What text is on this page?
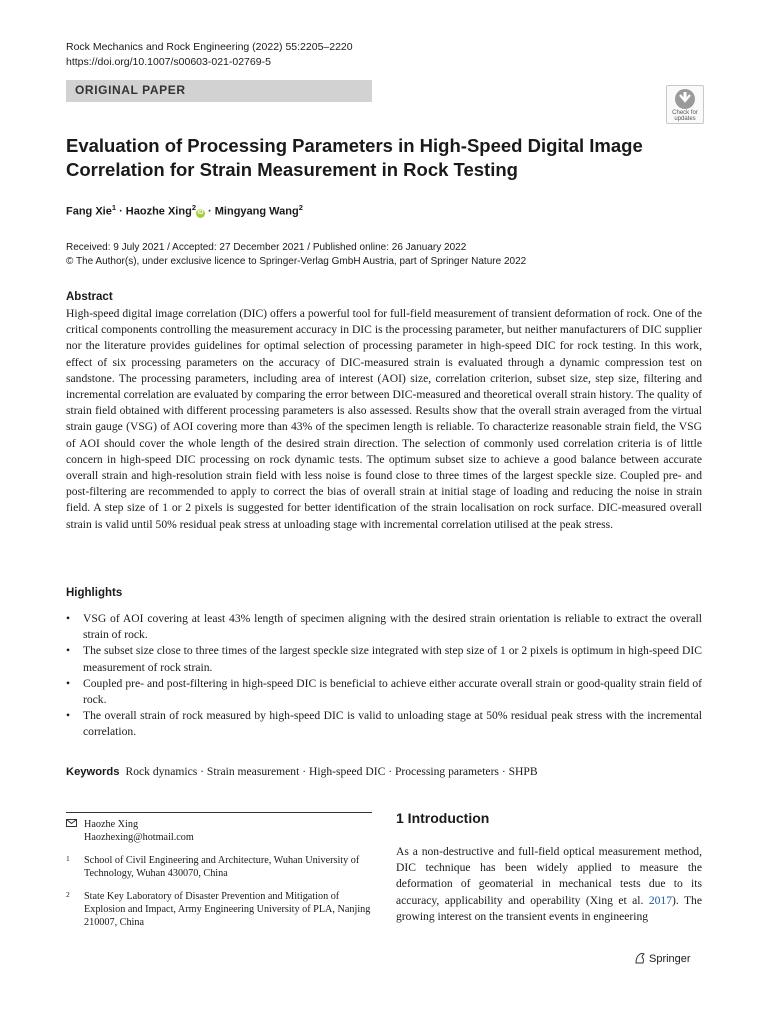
Rock Mechanics and Rock Engineering (2022) 55:2205–2220
https://doi.org/10.1007/s00603-021-02769-5
ORIGINAL PAPER
Check for
updates
Evaluation of Processing Parameters in High-Speed Digital Image Correlation for Strain Measurement in Rock Testing
Fang Xie$^1$ · Haozhe Xing$^2$iD · Mingyang Wang$^2$
Received: 9 July 2021 / Accepted: 27 December 2021 / Published online: 26 January 2022
© The Author(s), under exclusive licence to Springer-Verlag GmbH Austria, part of Springer Nature 2022
Abstract

High-speed digital image correlation (DIC) offers a powerful tool for full-field measurement of transient deformation of rock. One of the critical components controlling the measurement accuracy in DIC is the processing parameter, but neither manufacturers of DIC supplier nor the literature provides guidelines for optimal selection of processing parameter in high-speed DIC for rock testing. In this work, effect of six processing parameters on the accuracy of DIC-measured strain is evaluated through a dynamic compression test on sandstone. The processing parameters, including area of interest (AOI) size, correlation criterion, subset size, step size, filtering and incremental correlation are evaluated by comparing the error between DIC-measured and theoretical overall strain history. The quality of strain field obtained with different processing parameters is also assessed. Results show that the overall strain averaged from the virtual strain gauge (VSG) of AOI covering more than 43% of the specimen length is reliable. To characterize reasonable strain field, the VSG of AOI should cover the whole length of the desired strain direction. The selection of commonly used correlation criteria is of little concern in high-speed DIC processing on rock dynamic tests. The optimum subset size to achieve a good balance between accurate overall strain and high-resolution strain field with less noise is found close to three times of the largest speckle size. Coupled pre- and post-filtering are recommended to apply to correct the bias of overall strain at initial stage of loading and reducing the noise in strain field. A step size of 1 or 2 pixels is suggested for better identification of the strain localisation on rock surface. DIC-measured overall strain is valid until 50% residual peak stress at unloading stage with incremental correlation utilised at the peak stress.

Highlights
• VSG of AOI covering at least 43% length of specimen aligning with the desired strain orientation is reliable to extract the overall strain of rock.
• The subset size close to three times of the largest speckle size integrated with step size of 1 or 2 pixels is optimum in high-speed DIC measurement of rock strain.
• Coupled pre- and post-filtering in high-speed DIC is beneficial to achieve either accurate overall strain or good-quality strain field of rock.
• The overall strain of rock measured by high-speed DIC is valid to unloading stage at 50% residual peak stress with the incremental correlation.
Keywords Rock dynamics · Strain measurement · High-speed DIC · Processing parameters · SHPB
Haozhe Xing
Haozhexing@hotmail.com
1 School of Civil Engineering and Architecture, Wuhan University of Technology, Wuhan 430070, China
2 State Key Laboratory of Disaster Prevention and Mitigation of Explosion and Impact, Army Engineering University of PLA, Nanjing 210007, China
1 Introduction

As a non-destructive and full-field optical measurement method, DIC technique has been widely applied to measure the deformation of geomaterial in mechanical tests due to its accuracy, applicability and operability (Xing et al. 2017). The growing interest on the transient events in engineering

Springer
